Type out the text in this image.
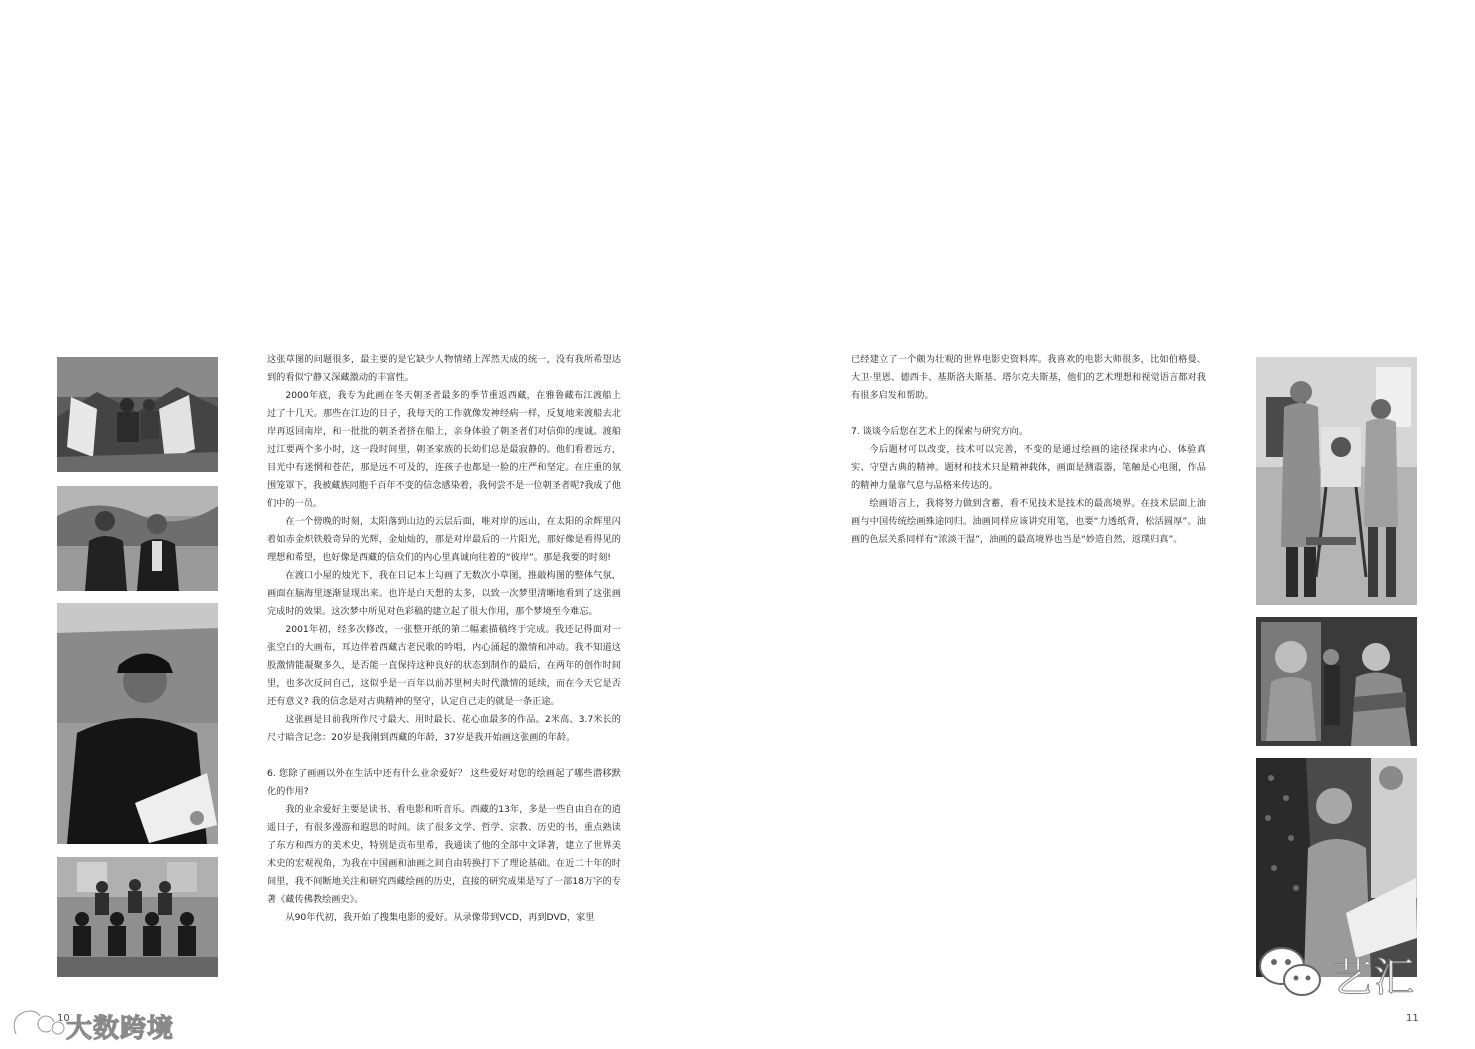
这张草图的问题很多，最主要的是它缺少人物情绪上浑然天成的统一，没有我所希望达到的看似宁静又深藏激动的丰富性。

2000年底，我专为此画在冬天朝圣者最多的季节重返西藏，在雅鲁藏布江渡船上过了十几天。那些在江边的日子，我每天的工作就像发神经病一样，反复地来渡船去北岸再返回南岸，和一批批的朝圣者挤在船上，亲身体验了朝圣者们对信仰的虔诚。渡船过江要两个多小时，这一段时间里，朝圣家族的长幼们总是最寂静的。他们看着远方，目光中有迷惘和苍茫，那是远不可及的，连孩子也都是一脸的庄严和坚定。在庄重的氛围笼罩下，我被藏族同胞千百年不变的信念感染着，我何尝不是一位朝圣者呢?我成了他们中的一员。

在一个傍晚的时刻，太阳落到山边的云层后面，唯对岸的远山，在太阳的余辉里闪着如赤金炽铁般奇异的光辉，金灿灿的，那是对岸最后的一片阳光，那好像是看得见的理想和希望，也好像是西藏的信众们的内心里真诚向往着的“彼岸”。那是我要的时刻!

在渡口小屋的烛光下，我在日记本上勾画了无数次小草图，推敲构图的整体气氛，画面在脑海里逐渐显现出来。也许是白天想的太多，以致一次梦里清晰地看到了这张画完成时的效果。这次梦中所见对色彩稿的建立起了很大作用，那个梦境至今难忘。

2001年初，经多次修改，一张整开纸的第二幅素描稿终于完成。我还记得面对一张空白的大画布，耳边伴着西藏古老民歌的吟唱，内心涌起的激情和冲动。我不知道这股激情能凝聚多久，是否能一直保持这种良好的状态到制作的最后，在两年的创作时间里，也多次反问自己，这似乎是一百年以前苏里柯夫时代激情的延续，而在今天它是否还有意义? 我的信念是对古典精神的坚守，认定自己走的就是一条正途。

这张画是目前我所作尺寸最大、用时最长、花心血最多的作品。2米高、3.7米长的尺寸暗含记念：20岁是我刚到西藏的年龄，37岁是我开始画这张画的年龄。

6. 您除了画画以外在生活中还有什么业余爱好？ 这些爱好对您的绘画起了哪些潜移默化的作用?

我的业余爱好主要是读书、看电影和听音乐。西藏的13年，多是一些自由自在的逍遥日子，有很多漫游和遐思的时间。读了很多文学、哲学、宗教、历史的书，重点熟读了东方和西方的美术史，特别是贡布里希，我通读了他的全部中文译著，建立了世界美术史的宏观视角，为我在中国画和油画之间自由转换打下了理论基础。在近二十年的时间里，我不间断地关注和研究西藏绘画的历史，直接的研究成果是写了一部18万字的专著《藏传佛教绘画史》。

从90年代初，我开始了搜集电影的爱好。从录像带到VCD，再到DVD，家里

已经建立了一个颇为壮观的世界电影史资料库。我喜欢的电影大师很多，比如伯格曼、大卫·里恩、德西卡、基斯洛夫斯基、塔尔克夫斯基，他们的艺术理想和视觉语言都对我有很多启发和帮助。

7. 谈谈今后您在艺术上的探索与研究方向。

今后题材可以改变，技术可以完善，不变的是通过绘画的途径探求内心、体验真实、守望古典的精神。题材和技术只是精神载体，画面是测震器，笔触是心电图，作品的精神力量靠气息与品格来传达的。

绘画语言上，我将努力做到含蓄，看不见技术是技术的最高境界。在技术层面上油画与中国传统绘画殊途同归。油画同样应该讲究用笔，也要“力透纸背，松活圆厚”。油画的色层关系同样有“浓淡干湿”，油画的最高境界也当是“妙造自然，返璞归真”。

10	11
大数跨境
艺汇
